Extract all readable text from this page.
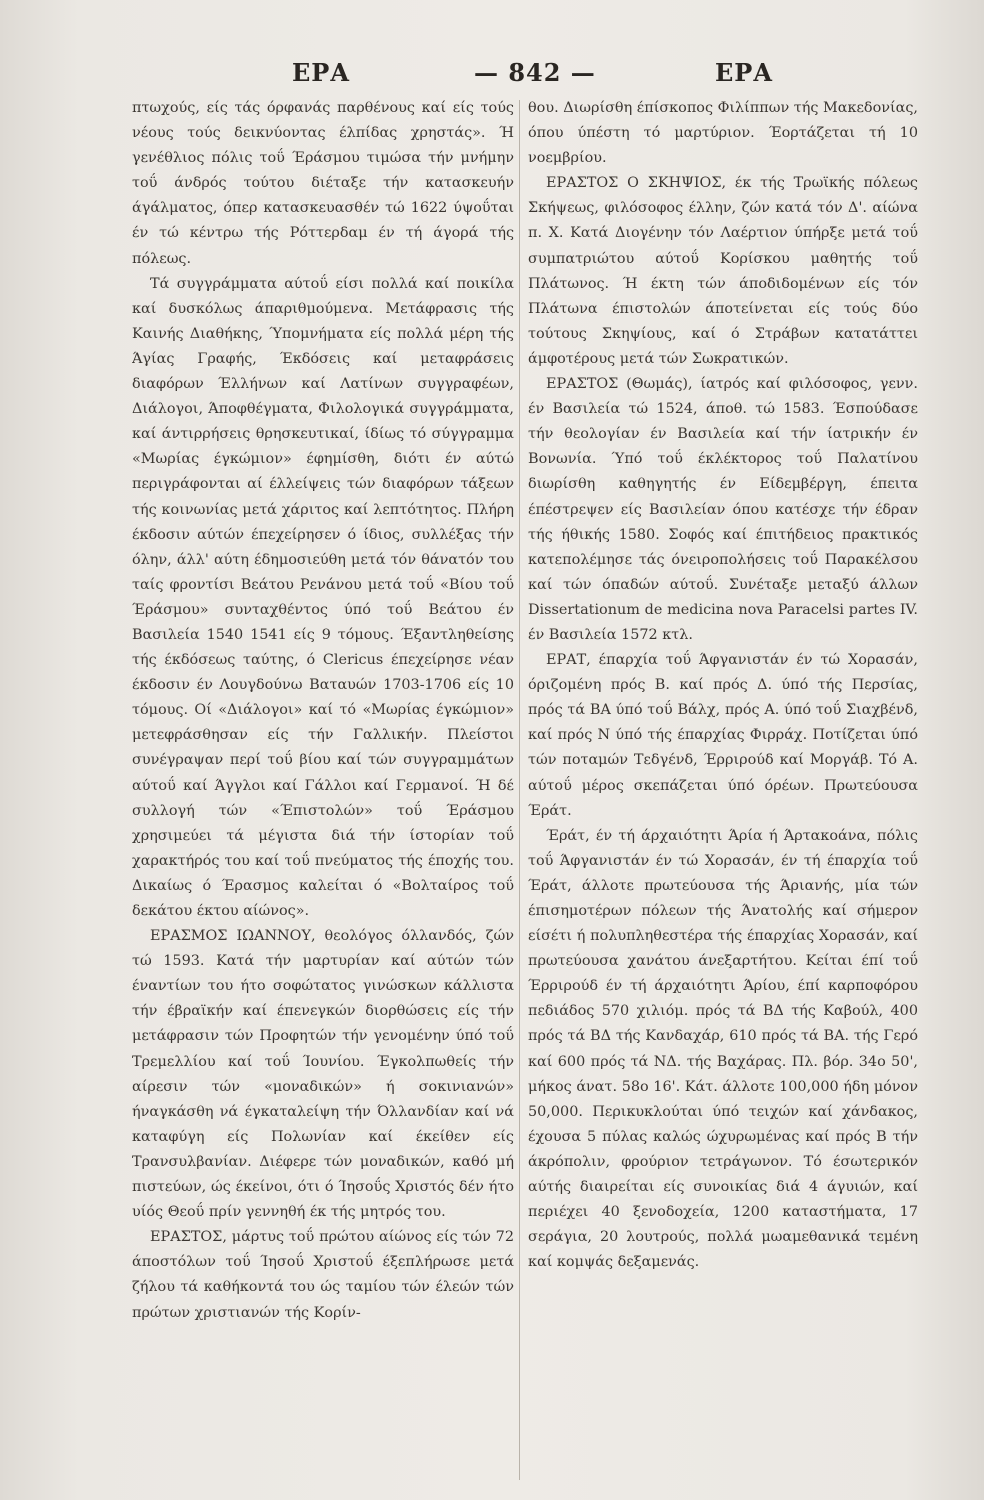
ΕΡΑ	— 842 —	ΕΡΑ

πτωχούς, είς τάς όρφανάς παρθένους καί είς τούς νέους τούς δεικνύοντας έλπίδας χρηστάς». Ή γενέθλιος πόλις τοΰ Έράσμου τιμώσα τήν μνήμην τοΰ άνδρός τούτου διέταξε τήν κατασκευήν άγάλματος, όπερ κατασκευασθέν τώ 1622 ύψοΰται έν τώ κέντρω τής Ρόττερδαμ έν τή άγορά τής πόλεως.

Τά συγγράμματα αύτοΰ είσι πολλά καί ποικίλα καί δυσκόλως άπαριθμούμενα. Μετάφρασις τής Καινής Διαθήκης, Ύπομνήματα είς πολλά μέρη τής Άγίας Γραφής, Έκδόσεις καί μεταφράσεις διαφόρων Έλλήνων καί Λατίνων συγγραφέων, Διάλογοι, Άποφθέγματα, Φιλολογικά συγγράμματα, καί άντιρρήσεις θρησκευτικαί, ίδίως τό σύγγραμμα «Μωρίας έγκώμιον» έφημίσθη, διότι έν αύτώ περιγράφονται αί έλλείψεις τών διαφόρων τάξεων τής κοινωνίας μετά χάριτος καί λεπτότητος. Πλήρη έκδοσιν αύτών έπεχείρησεν ό ίδιος, συλλέξας τήν όλην, άλλ' αύτη έδημοσιεύθη μετά τόν θάνατόν του ταίς φροντίσι Βεάτου Ρενάνου μετά τοΰ «Βίου τοΰ Έράσμου» συνταχθέντος ύπό τοΰ Βεάτου έν Βασιλεία 1540 1541 είς 9 τόμους. Έξαντληθείσης τής έκδόσεως ταύτης, ό Clericus έπεχείρησε νέαν έκδοσιν έν Λουγδούνω Βαταυών 1703-1706 είς 10 τόμους. Οί «Διάλογοι» καί τό «Μωρίας έγκώμιον» μετεφράσθησαν είς τήν Γαλλικήν. Πλείστοι συνέγραψαν περί τοΰ βίου καί τών συγγραμμάτων αύτοΰ καί Άγγλοι καί Γάλλοι καί Γερμανοί. Ή δέ συλλογή τών «Έπιστολών» τοΰ Έράσμου χρησιμεύει τά μέγιστα διά τήν ίστορίαν τοΰ χαρακτήρός του καί τοΰ πνεύματος τής έποχής του. Δικαίως ό Έρασμος καλείται ό «Βολταίρος τοΰ δεκάτου έκτου αίώνος».

ΕΡΑΣΜΟΣ ΙΩΑΝΝΟΥ, θεολόγος όλλανδός, ζών τώ 1593. Κατά τήν μαρτυρίαν καί αύτών τών έναντίων του ήτο σοφώτατος γινώσκων κάλλιστα τήν έβραϊκήν καί έπενεγκών διορθώσεις είς τήν μετάφρασιν τών Προφητών τήν γενομένην ύπό τοΰ Τρεμελλίου καί τοΰ Ίουνίου. Έγκολπωθείς τήν αίρεσιν τών «μοναδικών» ή σοκινιανών» ήναγκάσθη νά έγκαταλείψη τήν Όλλανδίαν καί νά καταφύγη είς Πολωνίαν καί έκείθεν είς Τρανσυλβανίαν. Διέφερε τών μοναδικών, καθό μή πιστεύων, ώς έκείνοι, ότι ό Ίησοΰς Χριστός δέν ήτο υίός Θεοΰ πρίν γεννηθή έκ τής μητρός του.

ΕΡΑΣΤΟΣ, μάρτυς τοΰ πρώτου αίώνος είς τών 72 άποστόλων τοΰ Ίησοΰ Χριστοΰ έξεπλήρωσε μετά ζήλου τά καθήκοντά του ώς ταμίου τών έλεών τών πρώτων χριστιανών τής Κορίν-

θου. Διωρίσθη έπίσκοπος Φιλίππων τής Μακεδονίας, όπου ύπέστη τό μαρτύριον. Έορτάζεται τή 10 νοεμβρίου.

ΕΡΑΣΤΟΣ Ο ΣΚΗΨΙΟΣ, έκ τής Τρωϊκής πόλεως Σκήψεως, φιλόσοφος έλλην, ζών κατά τόν Δ'. αίώνα π. Χ. Κατά Διογένην τόν Λαέρτιον ύπήρξε μετά τοΰ συμπατριώτου αύτοΰ Κορίσκου μαθητής τοΰ Πλάτωνος. Ή έκτη τών άποδιδομένων είς τόν Πλάτωνα έπιστολών άποτείνεται είς τούς δύο τούτους Σκηψίους, καί ό Στράβων κατατάττει άμφοτέρους μετά τών Σωκρατικών.

ΕΡΑΣΤΟΣ (Θωμάς), ίατρός καί φιλόσοφος, γενν. έν Βασιλεία τώ 1524, άποθ. τώ 1583. Έσπούδασε τήν θεολογίαν έν Βασιλεία καί τήν ίατρικήν έν Βονωνία. Ύπό τοΰ έκλέκτορος τοΰ Παλατίνου διωρίσθη καθηγητής έν Είδεμβέργη, έπειτα έπέστρεψεν είς Βασιλείαν όπου κατέσχε τήν έδραν τής ήθικής 1580. Σοφός καί έπιτήδειος πρακτικός κατεπολέμησε τάς όνειροπολήσεις τοΰ Παρακέλσου καί τών όπαδών αύτοΰ. Συνέταξε μεταξύ άλλων Dissertationum de medicina nova Paracelsi partes IV. έν Βασιλεία 1572 κτλ.

ΕΡΑΤ, έπαρχία τοΰ Άφγανιστάν έν τώ Χορασάν, όριζομένη πρός Β. καί πρός Δ. ύπό τής Περσίας, πρός τά ΒΑ ύπό τοΰ Βάλχ, πρός Α. ύπό τοΰ Σιαχβένδ, καί πρός Ν ύπό τής έπαρχίας Φιρράχ. Ποτίζεται ύπό τών ποταμών Τεδγένδ, Έρριρούδ καί Μοργάβ. Τό Α. αύτοΰ μέρος σκεπάζεται ύπό όρέων. Πρωτεύουσα Έράτ.

Έράτ, έν τή άρχαιότητι Άρία ή Άρτακοάνα, πόλις τοΰ Άφγανιστάν έν τώ Χορασάν, έν τή έπαρχία τοΰ Έράτ, άλλοτε πρωτεύουσα τής Άριανής, μία τών έπισημοτέρων πόλεων τής Άνατολής καί σήμερον είσέτι ή πολυπληθεστέρα τής έπαρχίας Χορασάν, καί πρωτεύουσα χανάτου άνεξαρτήτου. Κείται έπί τοΰ Έρριρούδ έν τή άρχαιότητι Άρίου, έπί καρποφόρου πεδιάδος 570 χιλιόμ. πρός τά ΒΔ τής Καβούλ, 400 πρός τά ΒΔ τής Κανδαχάρ, 610 πρός τά ΒΑ. τής Γερό καί 600 πρός τά ΝΔ. τής Βαχάρας. Πλ. βόρ. 34ο 50', μήκος άνατ. 58ο 16'. Κάτ. άλλοτε 100,000 ήδη μόνον 50,000. Περικυκλούται ύπό τειχών καί χάνδακος, έχουσα 5 πύλας καλώς ώχυρωμένας καί πρός Β τήν άκρόπολιν, φρούριον τετράγωνον. Τό έσωτερικόν αύτής διαιρείται είς συνοικίας διά 4 άγυιών, καί περιέχει 40 ξενοδοχεία, 1200 καταστήματα, 17 σεράγια, 20 λουτρούς, πολλά μωαμεθανικά τεμένη καί κομψάς δεξαμενάς.
